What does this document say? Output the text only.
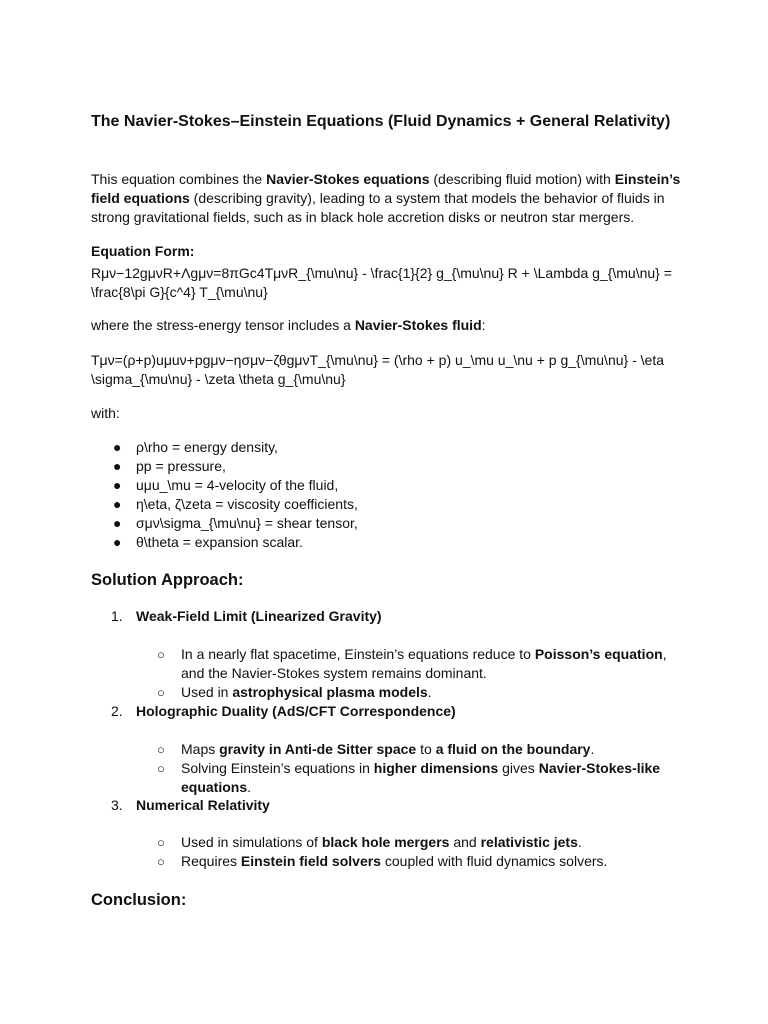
The Navier-Stokes–Einstein Equations (Fluid Dynamics + General Relativity)

This equation combines the Navier-Stokes equations (describing fluid motion) with Einstein’s field equations (describing gravity), leading to a system that models the behavior of fluids in strong gravitational fields, such as in black hole accretion disks or neutron star mergers.

Equation Form:

Rμν−12gμνR+Λgμν=8πGc4TμνR_{\mu\nu} - \frac{1}{2} g_{\mu\nu} R + \Lambda g_{\mu\nu} =

\frac{8\pi G}{c^4} T_{\mu\nu}

where the stress-energy tensor includes a Navier-Stokes fluid:

Tμν=(ρ+p)uμuν+pgμν−ησμν−ζθgμνT_{\mu\nu} = (\rho + p) u_\mu u_\nu + p g_{\mu\nu} - \eta

\sigma_{\mu\nu} - \zeta \theta g_{\mu\nu}

with:

● ρ\rho = energy density,
● pp = pressure,
● uμu_\mu = 4-velocity of the fluid,
● η\eta, ζ\zeta = viscosity coefficients,
● σμν\sigma_{\mu\nu} = shear tensor,
● θ\theta = expansion scalar.
Solution Approach:
1. Weak-Field Limit (Linearized Gravity)
○ In a nearly flat spacetime, Einstein’s equations reduce to Poisson’s equation,
and the Navier-Stokes system remains dominant.
○ Used in astrophysical plasma models.
2. Holographic Duality (AdS/CFT Correspondence)
○ Maps gravity in Anti-de Sitter space to a fluid on the boundary.
○ Solving Einstein’s equations in higher dimensions gives Navier-Stokes-like
equations.
3. Numerical Relativity
○ Used in simulations of black hole mergers and relativistic jets.
○ Requires Einstein field solvers coupled with fluid dynamics solvers.
Conclusion:
